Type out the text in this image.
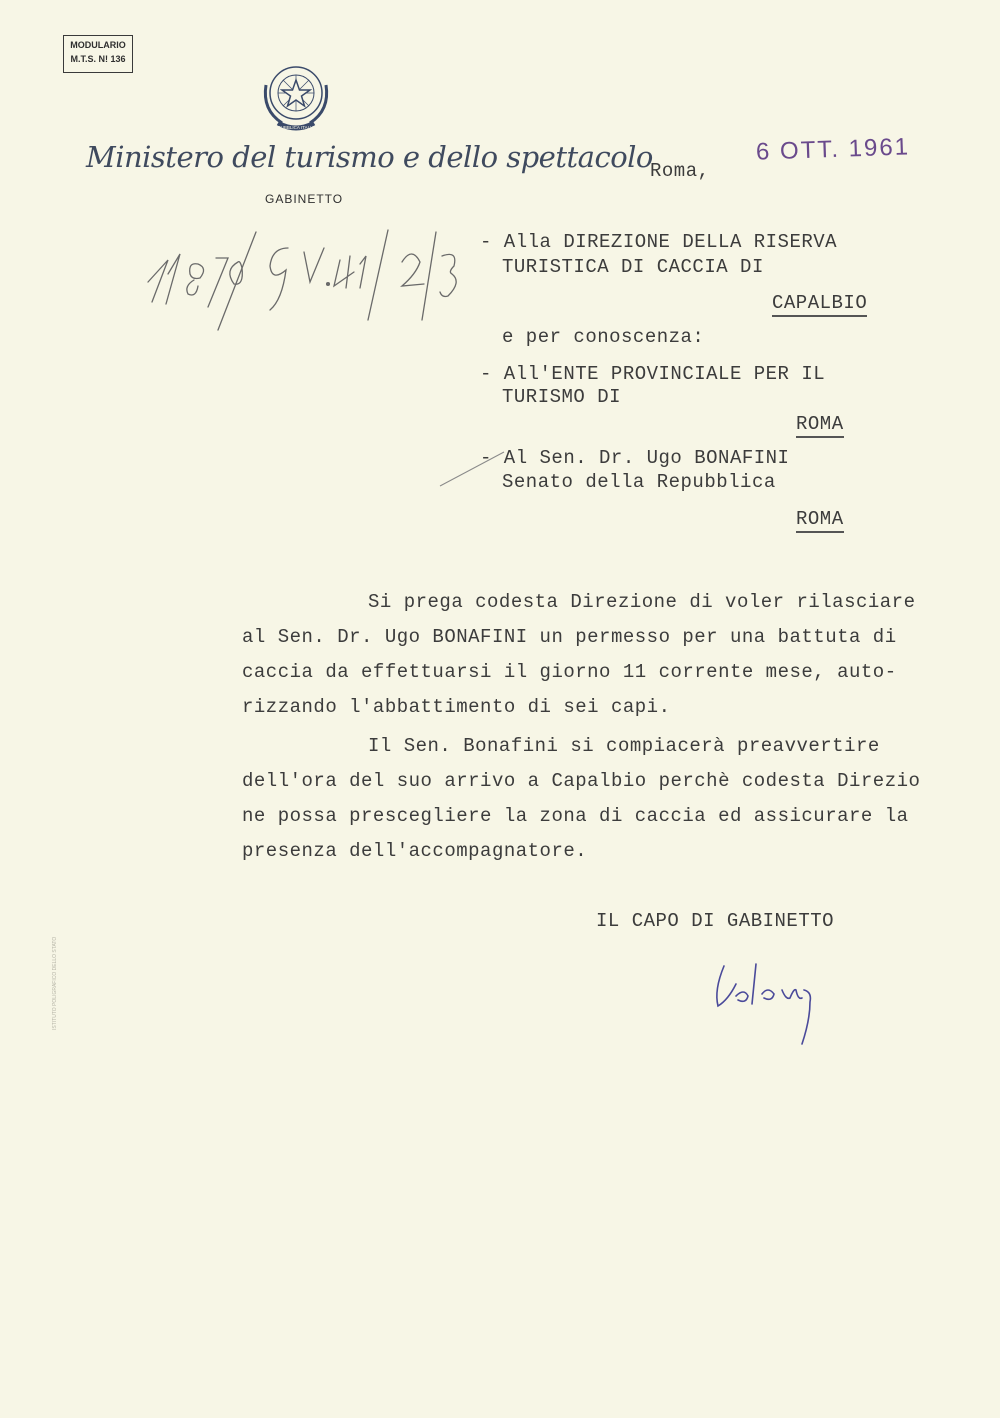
MODULARIO
M.T.S. N! 136
REPUBBLICA ITALIANA
Ministero del turismo e dello spettacolo
GABINETTO
Roma,
6 OTT. 1961
- Alla DIREZIONE DELLA RISERVA
TURISTICA DI CACCIA DI
CAPALBIO
e per conoscenza:
- All'ENTE PROVINCIALE PER IL
TURISMO DI
ROMA
- Al Sen. Dr. Ugo BONAFINI
Senato della Repubblica
ROMA
Si prega codesta Direzione di voler rilasciare
al Sen. Dr. Ugo BONAFINI un permesso per una battuta di
caccia da effettuarsi il giorno 11 corrente mese, auto-
rizzando l'abbattimento di sei capi.
Il Sen. Bonafini si compiacerà preavvertire
dell'ora del suo arrivo a Capalbio perchè codesta Direzio
ne possa prescegliere la zona di caccia ed assicurare la
presenza dell'accompagnatore.
IL CAPO DI GABINETTO
ISTITUTO POLIGRAFICO DELLO STATO
